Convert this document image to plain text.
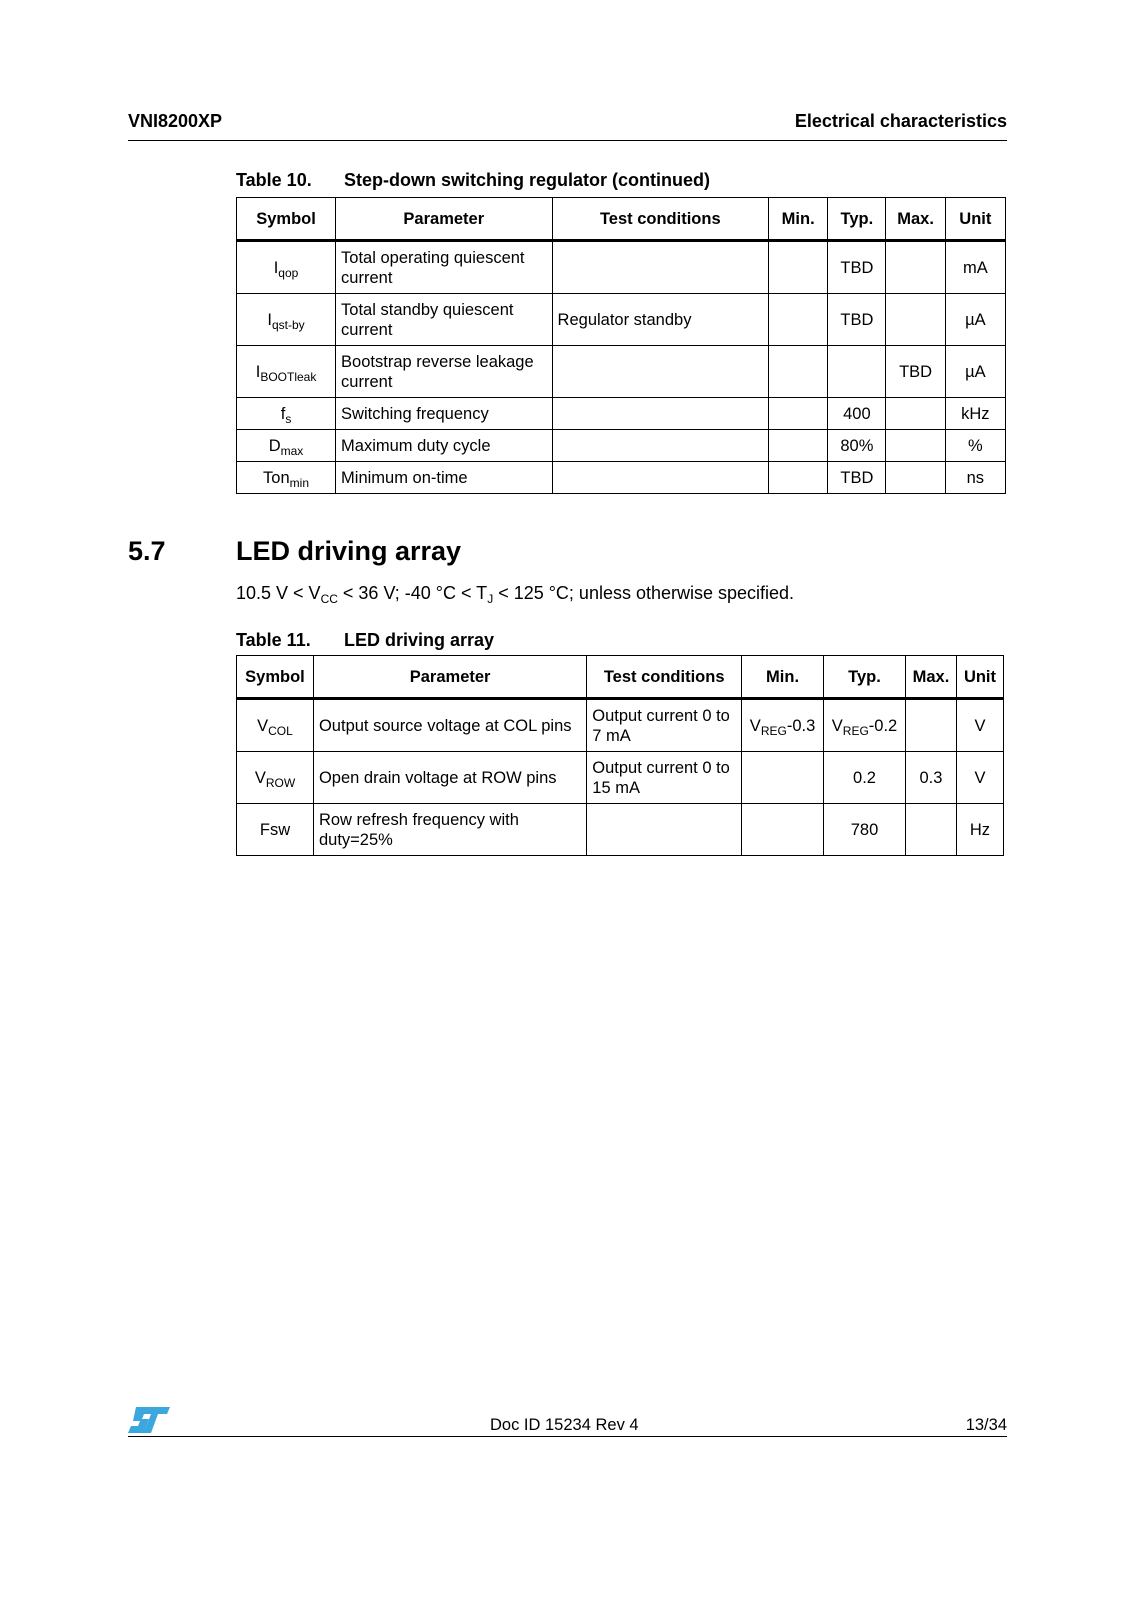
VNI8200XP	Electrical characteristics
Table 10. Step-down switching regulator (continued)
Symbol	Parameter	Test conditions	Min.	Typ.	Max.	Unit
$I_{qop}$	Total operating quiescent current			TBD		mA
$I_{qst-by}$	Total standby quiescent current	Regulator standby		TBD		µA
$I_{BOOTleak}$	Bootstrap reverse leakage current				TBD	µA
$f_s$	Switching frequency			400		kHz
$D_{max}$	Maximum duty cycle			80%		%
Ton$_{min}$	Minimum on-time			TBD		ns
5.7	LED driving array
10.5 $V < V_{CC} < 36$ V; -40 $^\circ C < T_J < 125$ °C; unless otherwise specified.
Table 11. LED driving array
Symbol	Parameter	Test conditions	Min.	Typ.	Max.	Unit
$V_{COL}$	Output source voltage at COL pins	Output current 0 to 7 mA	$V_{REG}-0.3$	$V_{REG}-0.2$		V
$V_{ROW}$	Open drain voltage at ROW pins	Output current 0 to 15 mA		0.2	0.3	V
Fsw	Row refresh frequency with duty=25%			780		Hz
Doc ID 15234 Rev 4	13/34
